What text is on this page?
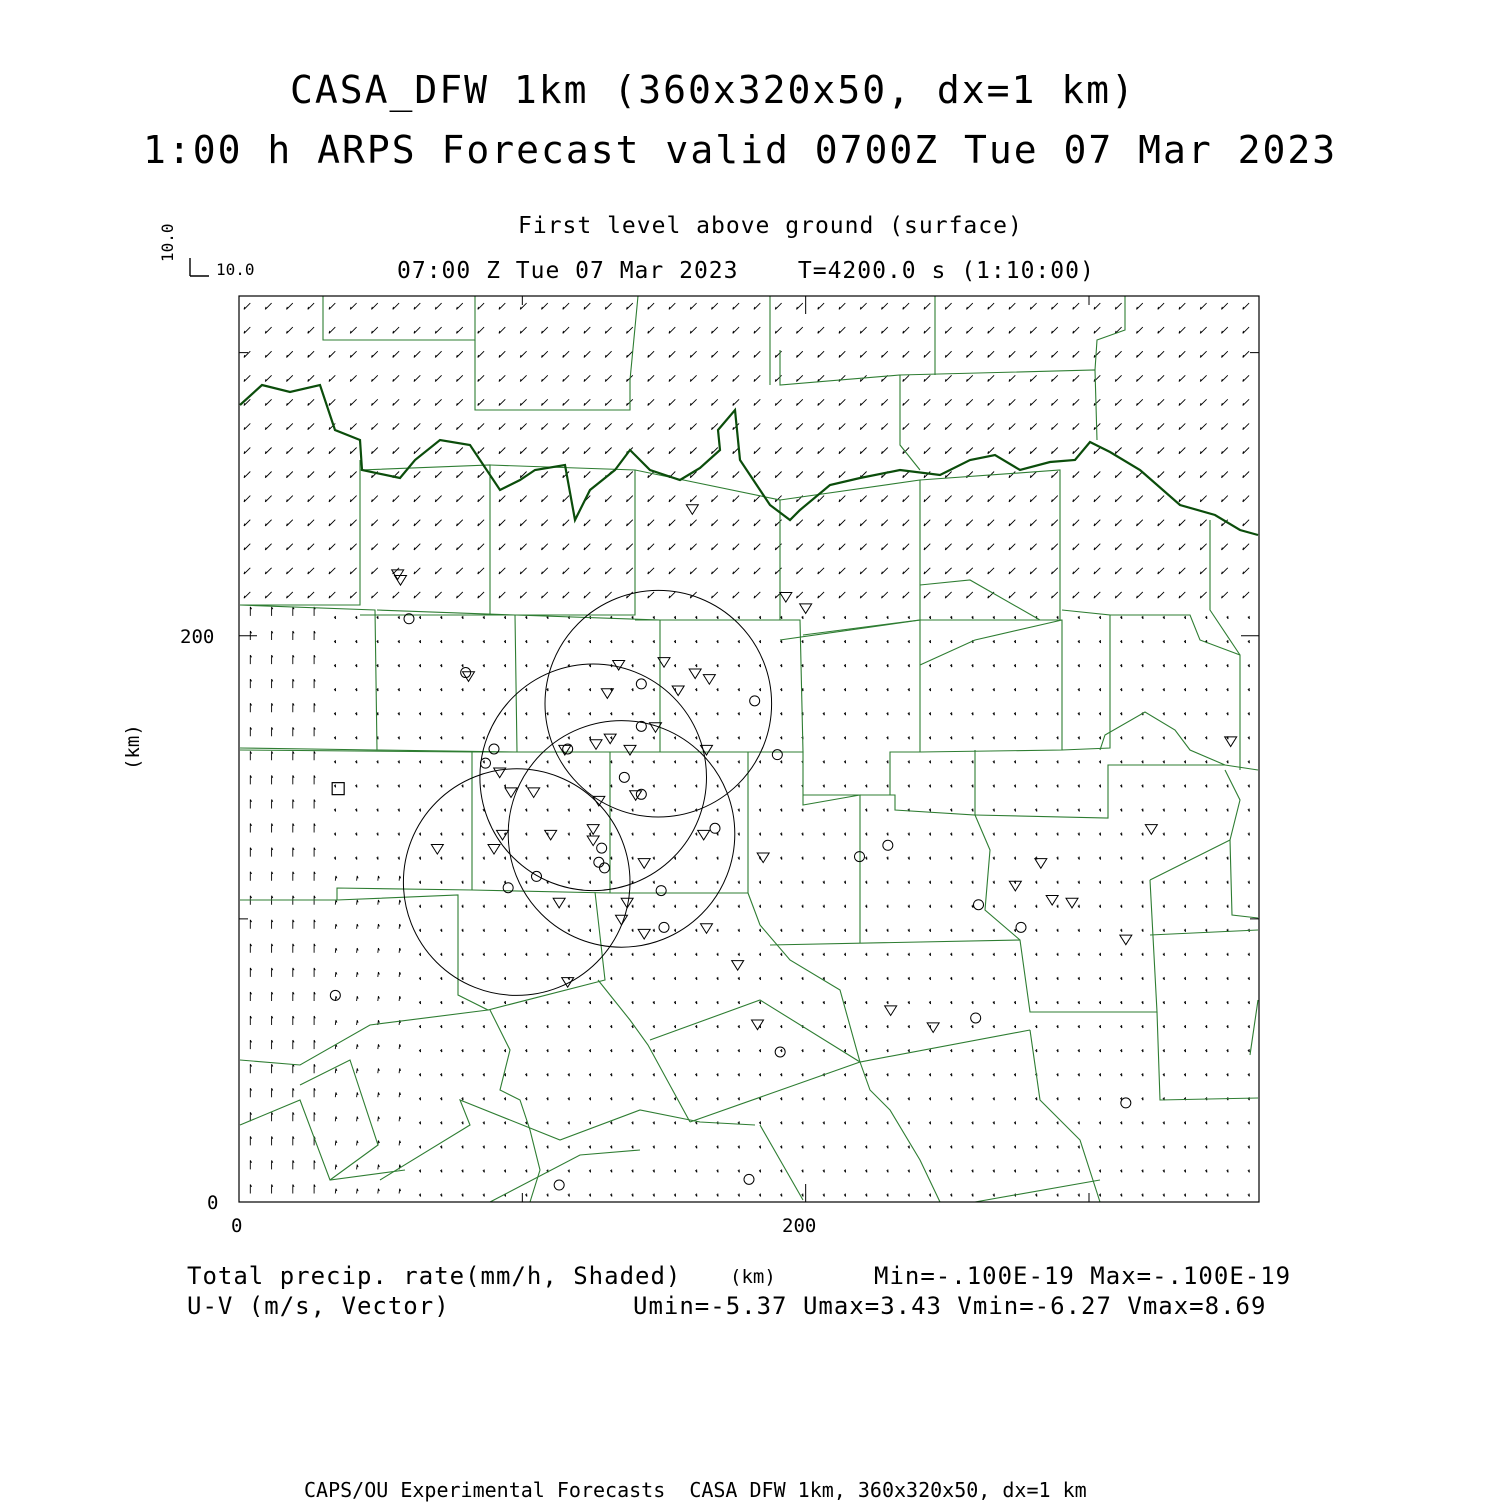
CASA_DFW 1km (360x320x50, dx=1 km)
1:00 h ARPS Forecast valid 0700Z Tue 07 Mar 2023
First level above ground (surface)
07:00 Z Tue 07 Mar 2023    T=4200.0 s (1:10:00)
10.0
10.0
200
0
0	200
(km)
Total precip. rate(mm/h, Shaded)	(km)	Min=-.100E-19 Max=-.100E-19
U-V (m/s, Vector)	Umin=-5.37 Umax=3.43 Vmin=-6.27 Vmax=8.69
CAPS/OU Experimental Forecasts  CASA DFW 1km, 360x320x50, dx=1 km
